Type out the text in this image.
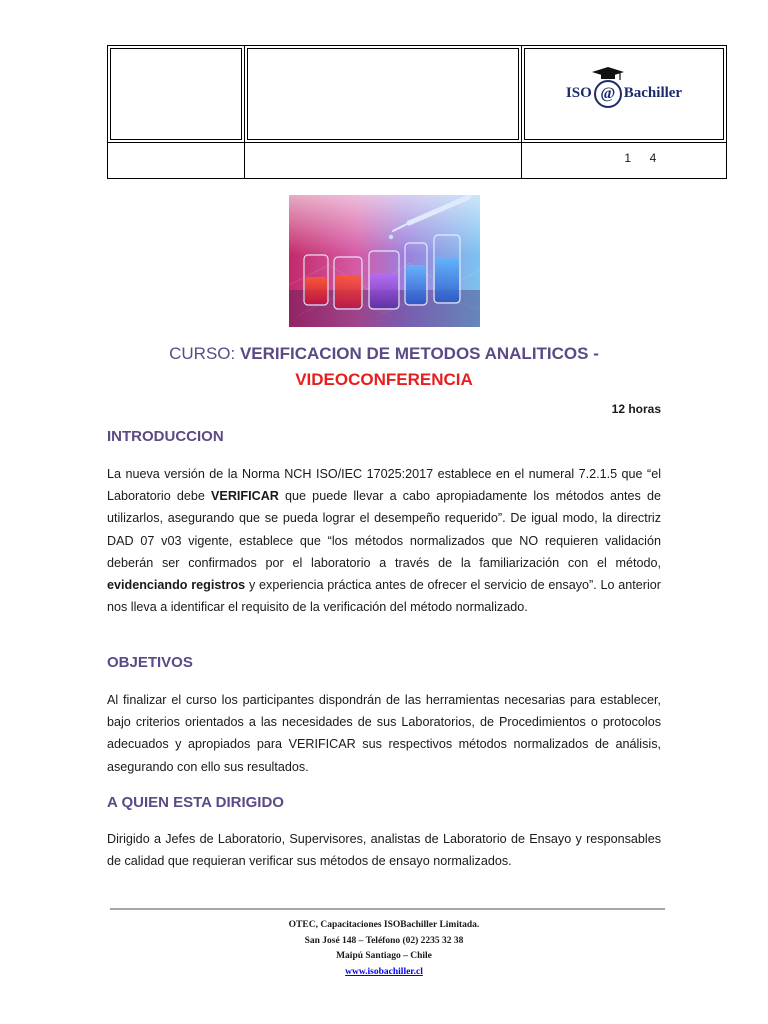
		ISO @ Bachiller

		1 4
CURSO: VERIFICACION DE METODOS ANALITICOS -
VIDEOCONFERENCIA
12 horas
INTRODUCCION
La nueva versión de la Norma NCH ISO/IEC 17025:2017 establece en el numeral 7.2.1.5 que “el Laboratorio debe VERIFICAR que puede llevar a cabo apropiadamente los métodos antes de utilizarlos, asegurando que se pueda lograr el desempeño requerido”. De igual modo, la directriz DAD 07 v03 vigente, establece que “los métodos normalizados que NO requieren validación deberán ser confirmados por el laboratorio a través de la familiarización con el método, evidenciando registros y experiencia práctica antes de ofrecer el servicio de ensayo”. Lo anterior nos lleva a identificar el requisito de la verificación del método normalizado.
OBJETIVOS
Al finalizar el curso los participantes dispondrán de las herramientas necesarias para establecer, bajo criterios orientados a las necesidades de sus Laboratorios, de Procedimientos o protocolos adecuados y apropiados para VERIFICAR sus respectivos métodos normalizados de análisis, asegurando con ello sus resultados.
A QUIEN ESTA DIRIGIDO
Dirigido a Jefes de Laboratorio, Supervisores, analistas de Laboratorio de Ensayo y responsables de calidad que requieran verificar sus métodos de ensayo normalizados.
OTEC, Capacitaciones ISOBachiller Limitada.
San José 148 – Teléfono (02) 2235 32 38
Maipú Santiago – Chile
www.isobachiller.cl
